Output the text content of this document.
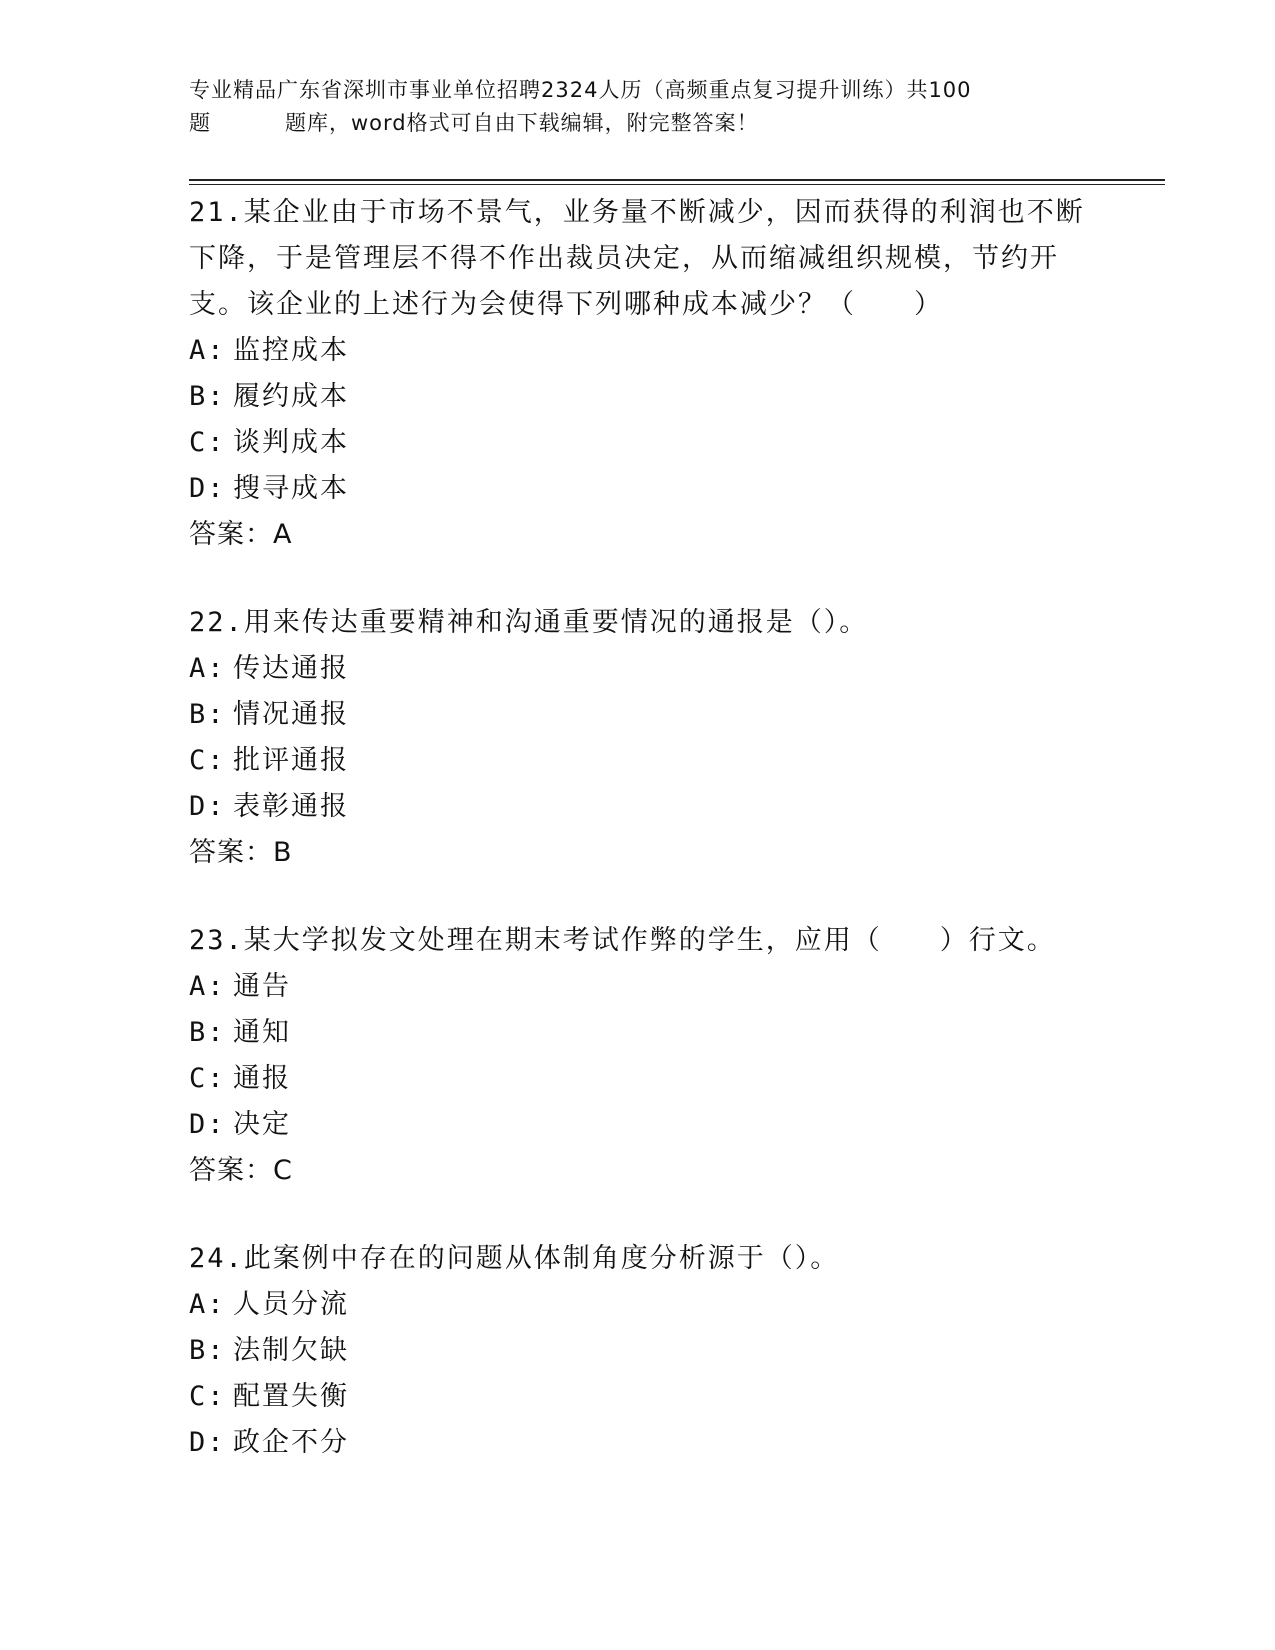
专业精品广东省深圳市事业单位招聘2324人历（高频重点复习提升训练）共100
题	题库，word格式可自由下载编辑，附完整答案！

21.某企业由于市场不景气，业务量不断减少，因而获得的利润也不断下降，于是管理层不得不作出裁员决定，从而缩减组织规模，节约开支。该企业的上述行为会使得下列哪种成本减少？（　　）

A: 监控成本
B: 履约成本
C: 谈判成本
D: 搜寻成本
答案：A

22.用来传达重要精神和沟通重要情况的通报是（）。

A: 传达通报
B: 情况通报
C: 批评通报
D: 表彰通报
答案：B

23.某大学拟发文处理在期末考试作弊的学生，应用（　　）行文。

A: 通告
B: 通知
C: 通报
D: 决定
答案：C

24.此案例中存在的问题从体制角度分析源于（）。

A: 人员分流
B: 法制欠缺
C: 配置失衡
D: 政企不分
